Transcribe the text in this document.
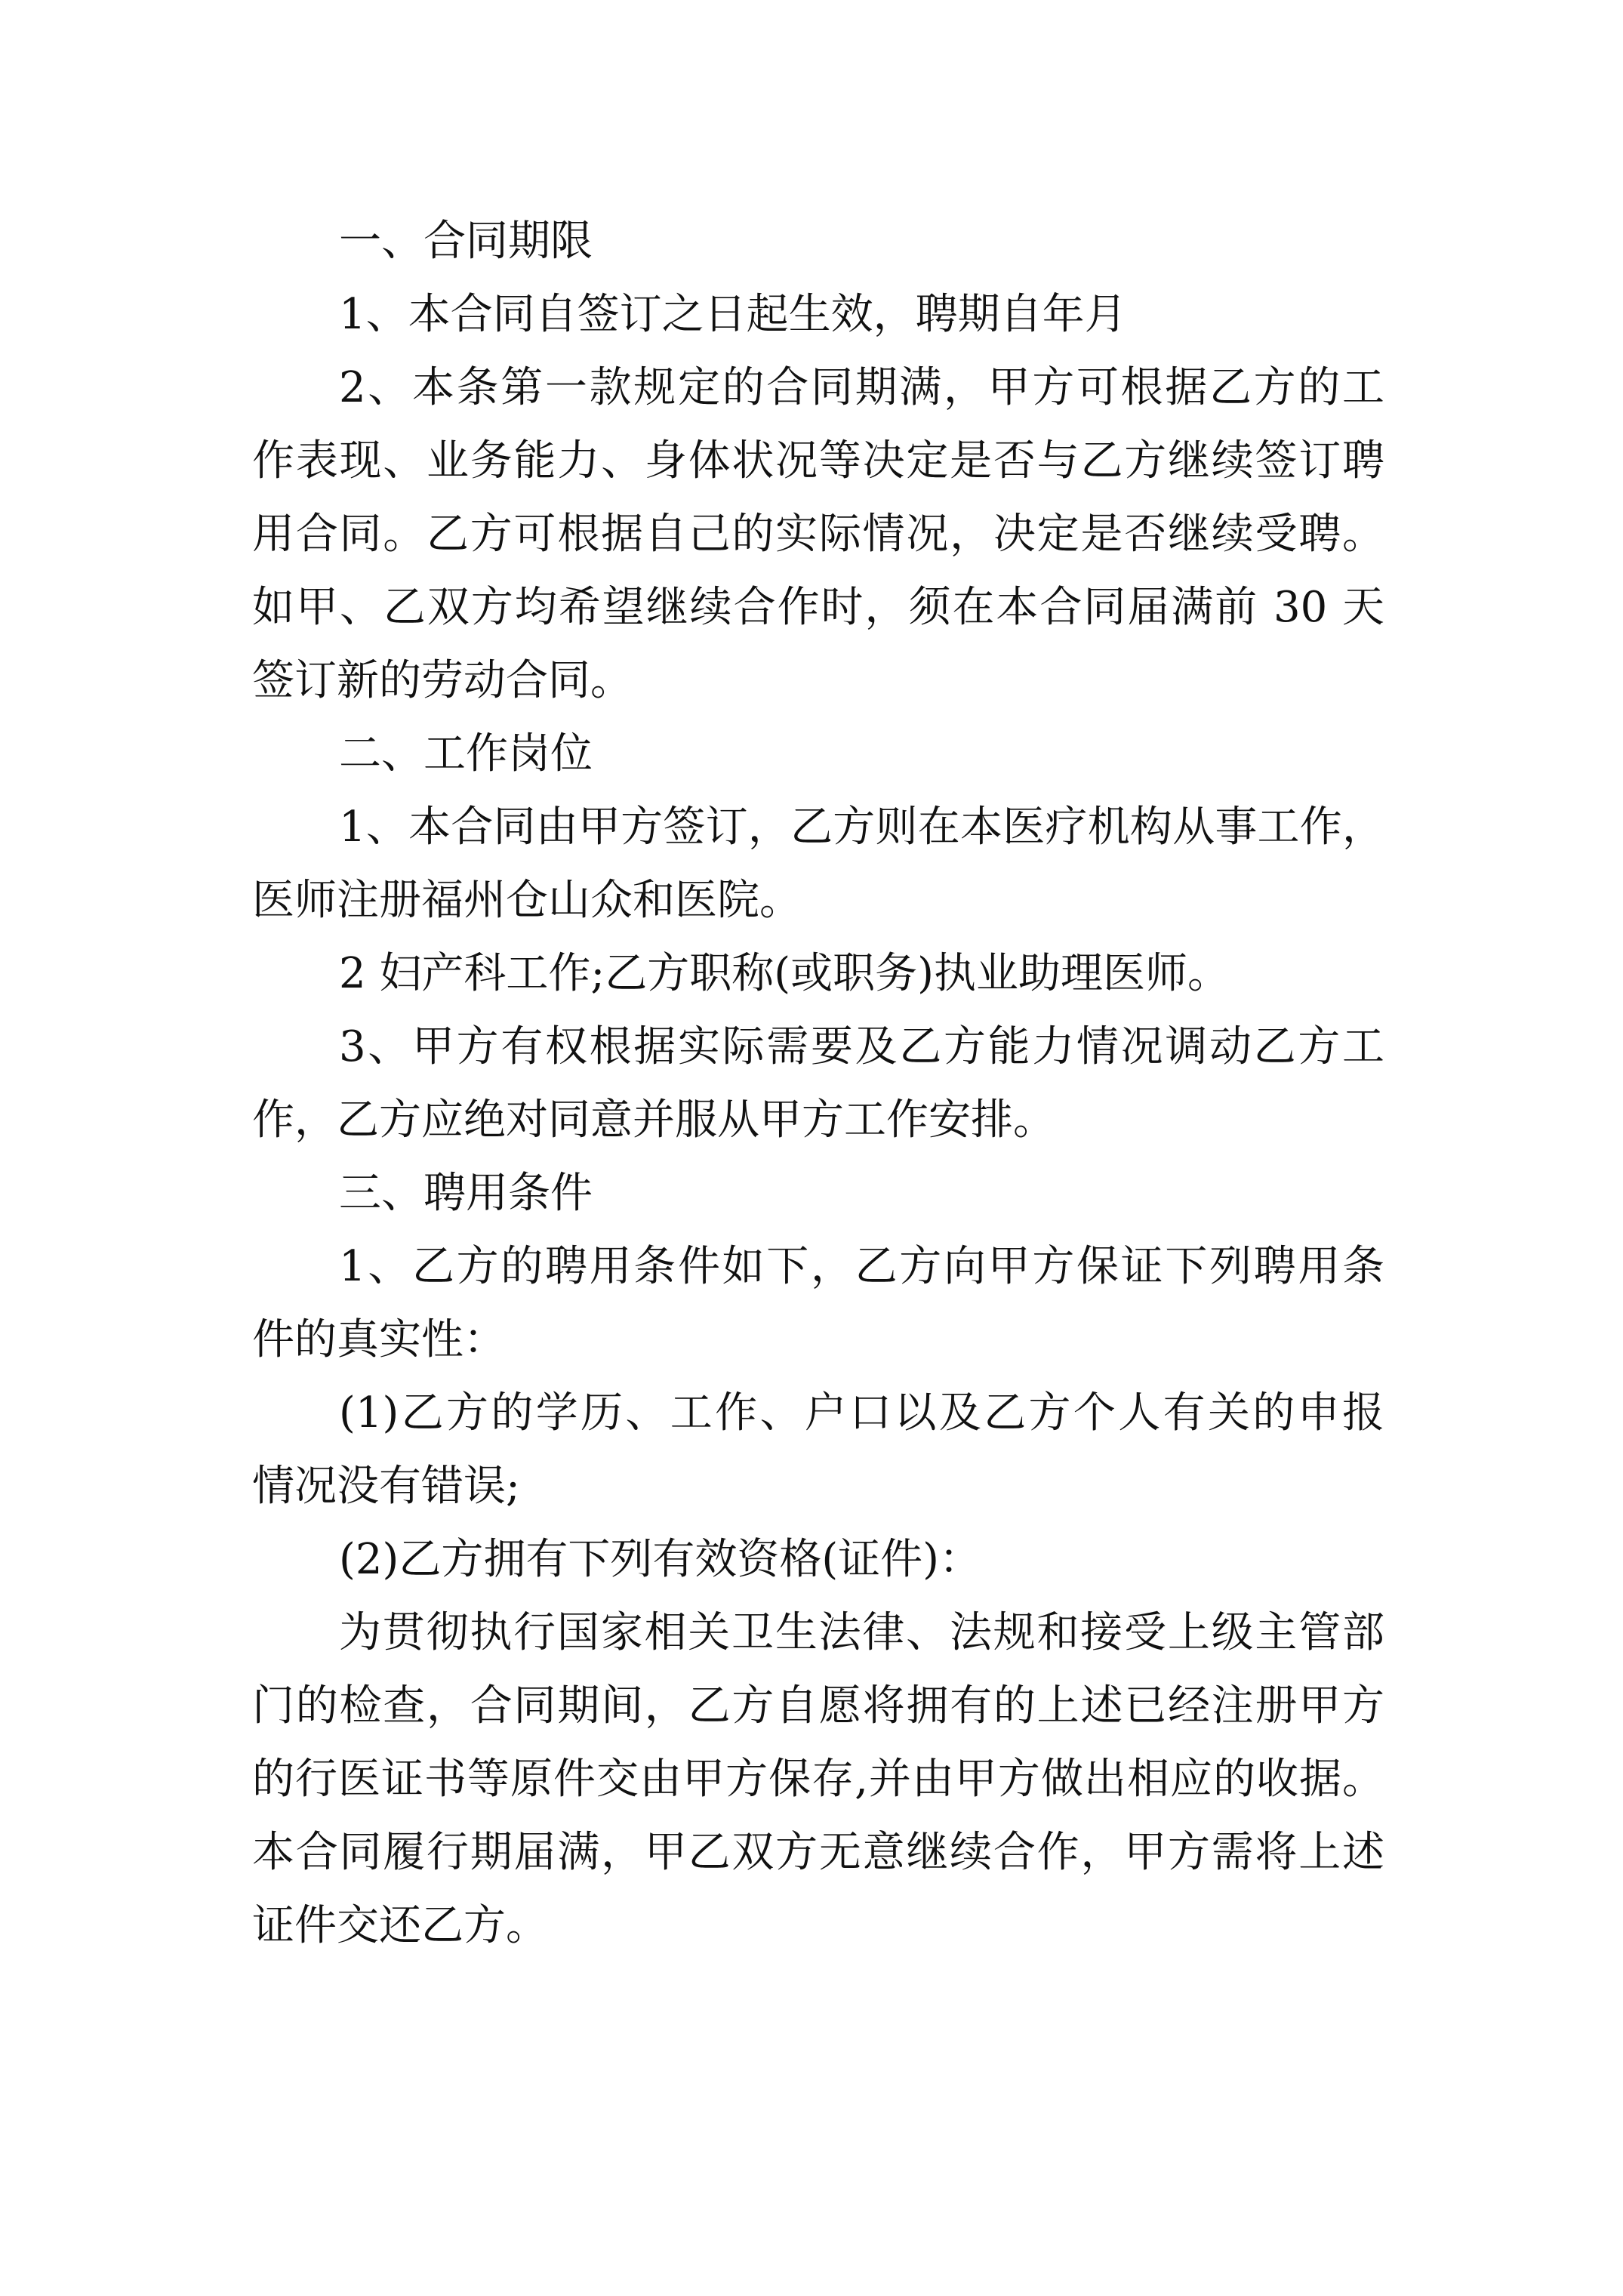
一、合同期限
1、本合同自签订之日起生效，聘期自年月
2、本条第一款规定的合同期满，甲方可根据乙方的工
作表现、业务能力、身体状况等决定是否与乙方继续签订聘
用合同。乙方可根据自己的实际情况，决定是否继续受聘。
如甲、乙双方均希望继续合作时，须在本合同届满前 30 天
签订新的劳动合同。
二、工作岗位
1、本合同由甲方签订，乙方则在本医疗机构从事工作，
医师注册福州仓山众和医院。
2 妇产科工作;乙方职称(或职务)执业助理医师。
3、甲方有权根据实际需要及乙方能力情况调动乙方工
作，乙方应绝对同意并服从甲方工作安排。
三、聘用条件
1、乙方的聘用条件如下，乙方向甲方保证下列聘用条
件的真实性：
(1)乙方的学历、工作、户口以及乙方个人有关的申报
情况没有错误;
(2)乙方拥有下列有效资格(证件)：
为贯彻执行国家相关卫生法律、法规和接受上级主管部
门的检查，合同期间，乙方自愿将拥有的上述已经注册甲方
的行医证书等原件交由甲方保存,并由甲方做出相应的收据。
本合同履行期届满，甲乙双方无意继续合作，甲方需将上述
证件交还乙方。
